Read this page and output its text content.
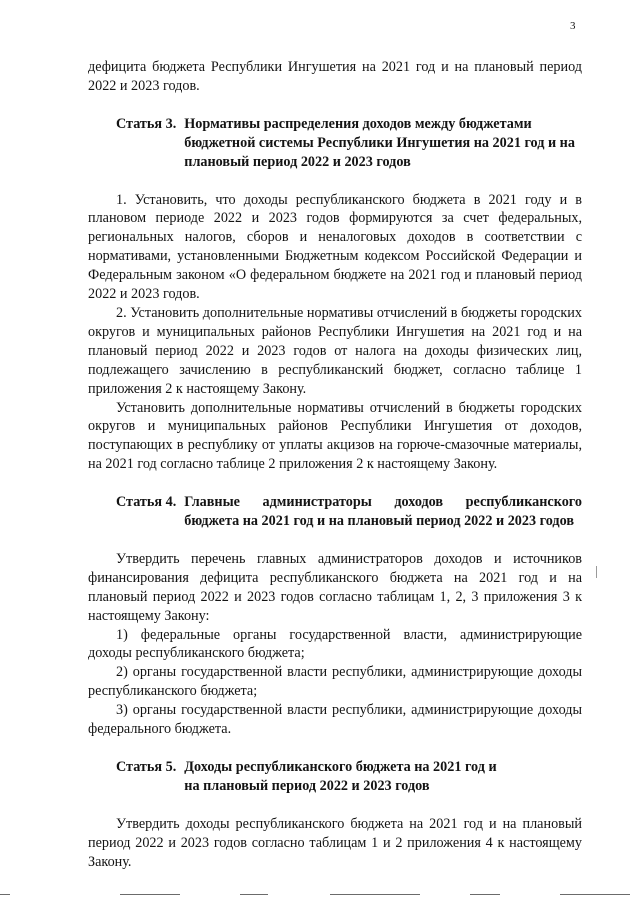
3

дефицита бюджета Республики Ингушетия на 2021 год и на плановый период 2022 и 2023 годов.

Статья 3. Нормативы распределения доходов между бюджетами бюджетной системы Республики Ингушетия на 2021 год и на плановый период 2022 и 2023 годов

1. Установить, что доходы республиканского бюджета в 2021 году и в плановом периоде 2022 и 2023 годов формируются за счет федеральных, региональных налогов, сборов и неналоговых доходов в соответствии с нормативами, установленными Бюджетным кодексом Российской Федерации и Федеральным законом «О федеральном бюджете на 2021 год и плановый период 2022 и 2023 годов.

2. Установить дополнительные нормативы отчислений в бюджеты городских округов и муниципальных районов Республики Ингушетия на 2021 год и на плановый период 2022 и 2023 годов от налога на доходы физических лиц, подлежащего зачислению в республиканский бюджет, согласно таблице 1 приложения 2 к настоящему Закону.

Установить дополнительные нормативы отчислений в бюджеты городских округов и муниципальных районов Республики Ингушетия от доходов, поступающих в республику от уплаты акцизов на горюче-смазочные материалы, на 2021 год согласно таблице 2 приложения 2 к настоящему Закону.

Статья 4. Главные администраторы доходов республиканского бюджета на 2021 год и на плановый период 2022 и 2023 годов

Утвердить перечень главных администраторов доходов и источников финансирования дефицита республиканского бюджета на 2021 год и на плановый период 2022 и 2023 годов согласно таблицам 1, 2, 3 приложения 3 к настоящему Закону:

1) федеральные органы государственной власти, администрирующие доходы республиканского бюджета;

2) органы государственной власти республики, администрирующие доходы республиканского бюджета;

3) органы государственной власти республики, администрирующие доходы федерального бюджета.

Статья 5. Доходы республиканского бюджета на 2021 год и на плановый период 2022 и 2023 годов

Утвердить доходы республиканского бюджета на 2021 год и на плановый период 2022 и 2023 годов согласно таблицам 1 и 2 приложения 4 к настоящему Закону.
